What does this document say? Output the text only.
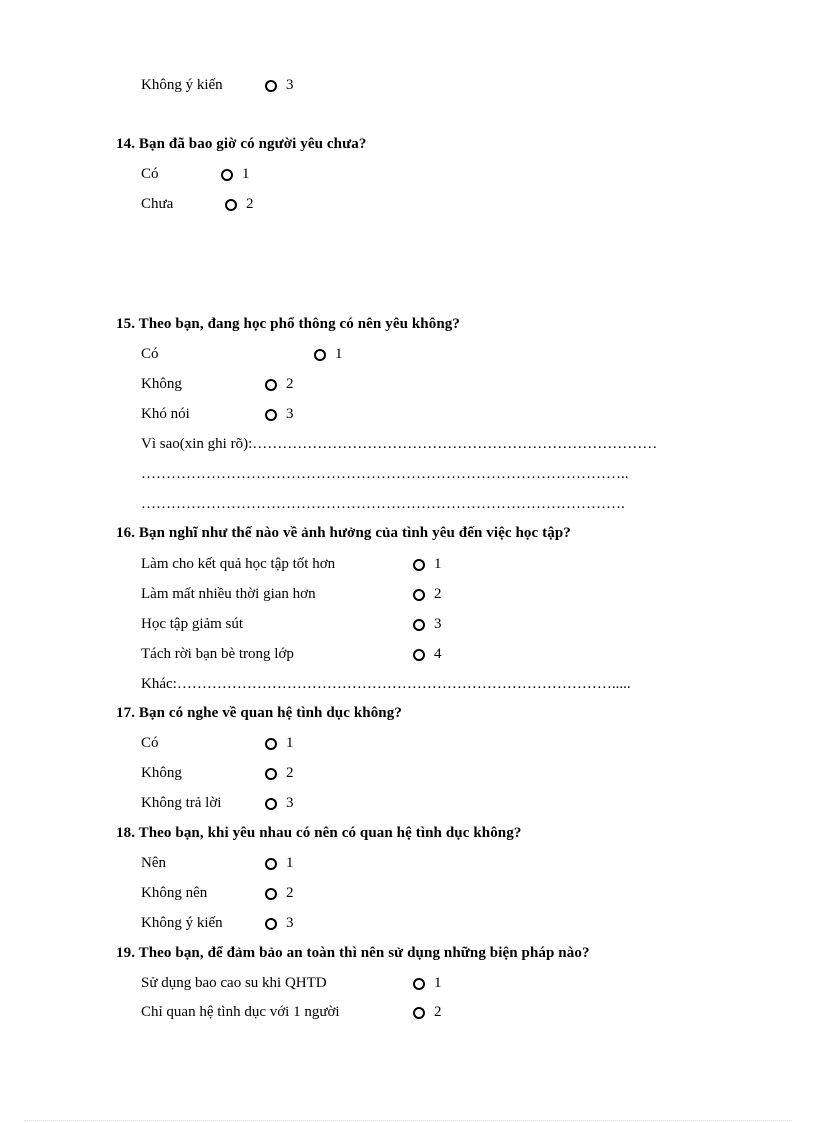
Không ý kiến	3
14. Bạn đã bao giờ có người yêu chưa?
Có	1
Chưa	2
15. Theo bạn, đang học phổ thông có nên yêu không?
Có	1
Không	2
Khó nói	3
Vì sao(xin ghi rõ):………………………………………………………………………
……………………………………………………………………………………..
…………………………………………………………………………………….
16. Bạn nghĩ như thế nào về ảnh hưởng của tình yêu đến việc học tập?
Làm cho kết quả học tập tốt hơn	1
Làm mất nhiều thời gian hơn	2
Học tập giảm sút	3
Tách rời bạn bè trong lớp	4
Khác:…………………………………………………………………………….....
17. Bạn có nghe về quan hệ tình dục không?
Có	1
Không	2
Không trả lời	3
18. Theo bạn, khi yêu nhau có nên có quan hệ tình dục không?
Nên	1
Không nên	2
Không ý kiến	3
19. Theo bạn, để đảm bảo an toàn thì nên sử dụng những biện pháp nào?
Sử dụng bao cao su khi QHTD	1
Chỉ quan hệ tình dục với 1 người	2
